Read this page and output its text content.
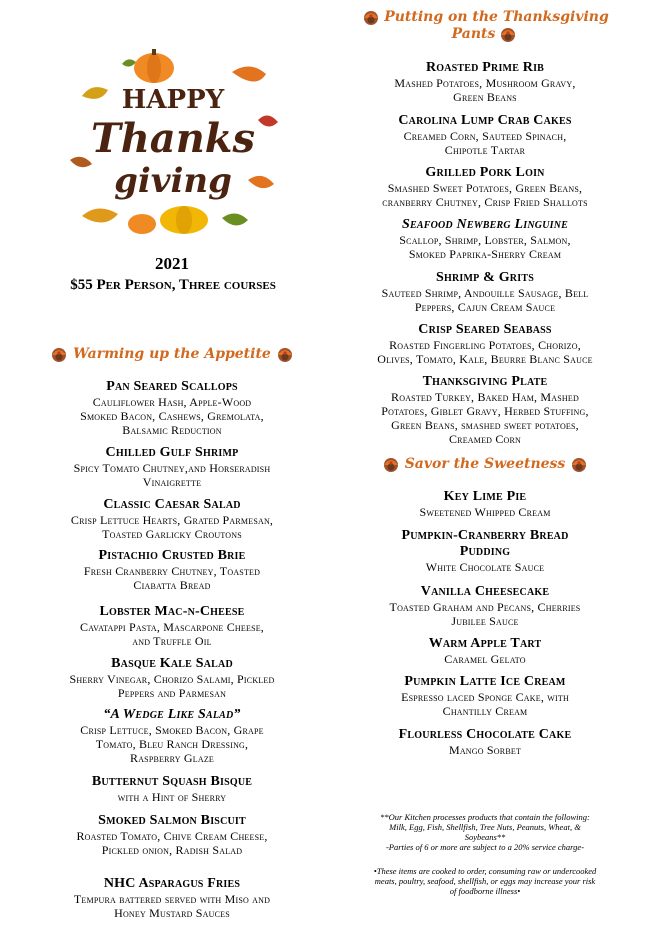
HAPPY
Thanks
giving
2021
$55 Per Person, Three courses
Warming up the Appetite
Pan Seared Scallops
Cauliflower Hash, Apple-Wood
Smoked Bacon, Cashews, Gremolata,
Balsamic Reduction
Chilled Gulf Shrimp
Spicy Tomato Chutney,and Horseradish
Vinaigrette
Classic Caesar Salad
Crisp Lettuce Hearts, Grated Parmesan,
Toasted Garlicky Croutons
Pistachio Crusted Brie
Fresh Cranberry Chutney, Toasted
Ciabatta Bread
Lobster Mac-n-Cheese
Cavatappi Pasta, Mascarpone Cheese,
and Truffle Oil
Basque Kale Salad
Sherry Vinegar, Chorizo Salami, Pickled
Peppers and Parmesan
“A Wedge Like Salad”
Crisp Lettuce, Smoked Bacon, Grape
Tomato, Bleu Ranch Dressing,
Raspberry Glaze
Butternut Squash Bisque
with a Hint of Sherry
Smoked Salmon Biscuit
Roasted Tomato, Chive Cream Cheese,
Pickled onion, Radish Salad
NHC Asparagus Fries
Tempura battered served with Miso and
Honey Mustard Sauces
Putting on the Thanksgiving
Pants
Roasted Prime Rib
Mashed Potatoes, Mushroom Gravy,
Green Beans
Carolina Lump Crab Cakes
Creamed Corn, Sauteed Spinach,
Chipotle Tartar
Grilled Pork Loin
Smashed Sweet Potatoes, Green Beans,
cranberry Chutney, Crisp Fried Shallots
Seafood Newberg Linguine
Scallop, Shrimp, Lobster, Salmon,
Smoked Paprika-Sherry Cream
Shrimp & Grits
Sauteed Shrimp, Andouille Sausage, Bell
Peppers, Cajun Cream Sauce
Crisp Seared Seabass
Roasted Fingerling Potatoes, Chorizo,
Olives, Tomato, Kale, Beurre Blanc Sauce
Thanksgiving Plate
Roasted Turkey, Baked Ham, Mashed
Potatoes, Giblet Gravy, Herbed Stuffing,
Green Beans, smashed sweet potatoes,
Creamed Corn
Savor the Sweetness
Key Lime Pie
Sweetened Whipped Cream
Pumpkin-Cranberry Bread
Pudding
White Chocolate Sauce
Vanilla Cheesecake
Toasted Graham and Pecans, Cherries
Jubilee Sauce
Warm Apple Tart
Caramel Gelato
Pumpkin Latte Ice Cream
Espresso laced Sponge Cake, with
Chantilly Cream
Flourless Chocolate Cake
Mango Sorbet
**Our Kitchen processes products that contain the following:
Milk, Egg, Fish, Shellfish, Tree Nuts, Peanuts, Wheat, &
Soybeans**
-Parties of 6 or more are subject to a 20% service charge-
•These items are cooked to order, consuming raw or undercooked
meats, poultry, seafood, shellfish, or eggs may increase your risk
of foodborne illness•
